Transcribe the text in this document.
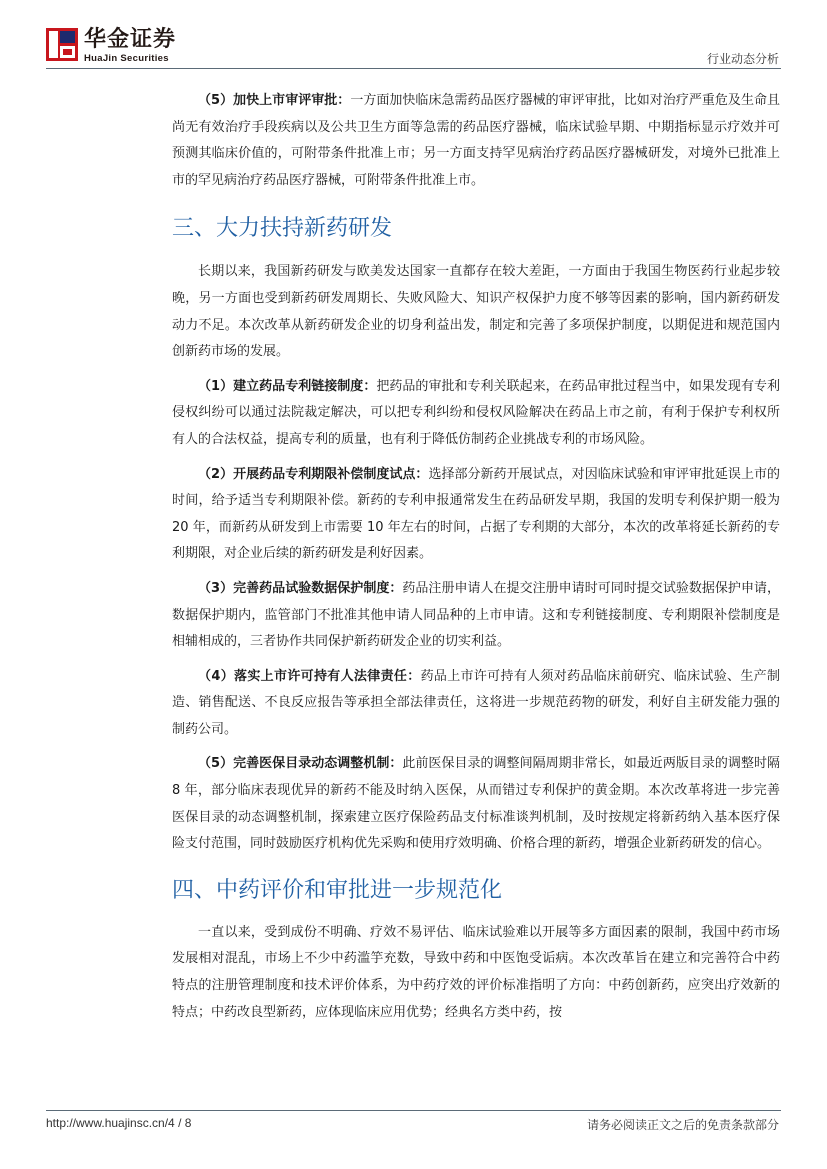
华金证券
HuaJin Securities	行业动态分析

（5）加快上市审评审批：一方面加快临床急需药品医疗器械的审评审批，比如对治疗严重危及生命且尚无有效治疗手段疾病以及公共卫生方面等急需的药品医疗器械，临床试验早期、中期指标显示疗效并可预测其临床价值的，可附带条件批准上市；另一方面支持罕见病治疗药品医疗器械研发，对境外已批准上市的罕见病治疗药品医疗器械，可附带条件批准上市。

三、大力扶持新药研发

长期以来，我国新药研发与欧美发达国家一直都存在较大差距，一方面由于我国生物医药行业起步较晚，另一方面也受到新药研发周期长、失败风险大、知识产权保护力度不够等因素的影响，国内新药研发动力不足。本次改革从新药研发企业的切身利益出发，制定和完善了多项保护制度，以期促进和规范国内创新药市场的发展。

（1）建立药品专利链接制度：把药品的审批和专利关联起来，在药品审批过程当中，如果发现有专利侵权纠纷可以通过法院裁定解决，可以把专利纠纷和侵权风险解决在药品上市之前，有利于保护专利权所有人的合法权益，提高专利的质量，也有利于降低仿制药企业挑战专利的市场风险。

（2）开展药品专利期限补偿制度试点：选择部分新药开展试点，对因临床试验和审评审批延误上市的时间，给予适当专利期限补偿。新药的专利申报通常发生在药品研发早期，我国的发明专利保护期一般为 20 年，而新药从研发到上市需要 10 年左右的时间，占据了专利期的大部分，本次的改革将延长新药的专利期限，对企业后续的新药研发是利好因素。

（3）完善药品试验数据保护制度：药品注册申请人在提交注册申请时可同时提交试验数据保护申请，数据保护期内，监管部门不批准其他申请人同品种的上市申请。这和专利链接制度、专利期限补偿制度是相辅相成的，三者协作共同保护新药研发企业的切实利益。

（4）落实上市许可持有人法律责任：药品上市许可持有人须对药品临床前研究、临床试验、生产制造、销售配送、不良反应报告等承担全部法律责任，这将进一步规范药物的研发，利好自主研发能力强的制药公司。

（5）完善医保目录动态调整机制：此前医保目录的调整间隔周期非常长，如最近两版目录的调整时隔 8 年，部分临床表现优异的新药不能及时纳入医保，从而错过专利保护的黄金期。本次改革将进一步完善医保目录的动态调整机制，探索建立医疗保险药品支付标准谈判机制，及时按规定将新药纳入基本医疗保险支付范围，同时鼓励医疗机构优先采购和使用疗效明确、价格合理的新药，增强企业新药研发的信心。

四、中药评价和审批进一步规范化

一直以来，受到成份不明确、疗效不易评估、临床试验难以开展等多方面因素的限制，我国中药市场发展相对混乱，市场上不少中药滥竽充数，导致中药和中医饱受诟病。本次改革旨在建立和完善符合中药特点的注册管理制度和技术评价体系，为中药疗效的评价标准指明了方向：中药创新药，应突出疗效新的特点；中药改良型新药，应体现临床应用优势；经典名方类中药，按

http://www.huajinsc.cn/4 / 8	请务必阅读正文之后的免责条款部分
